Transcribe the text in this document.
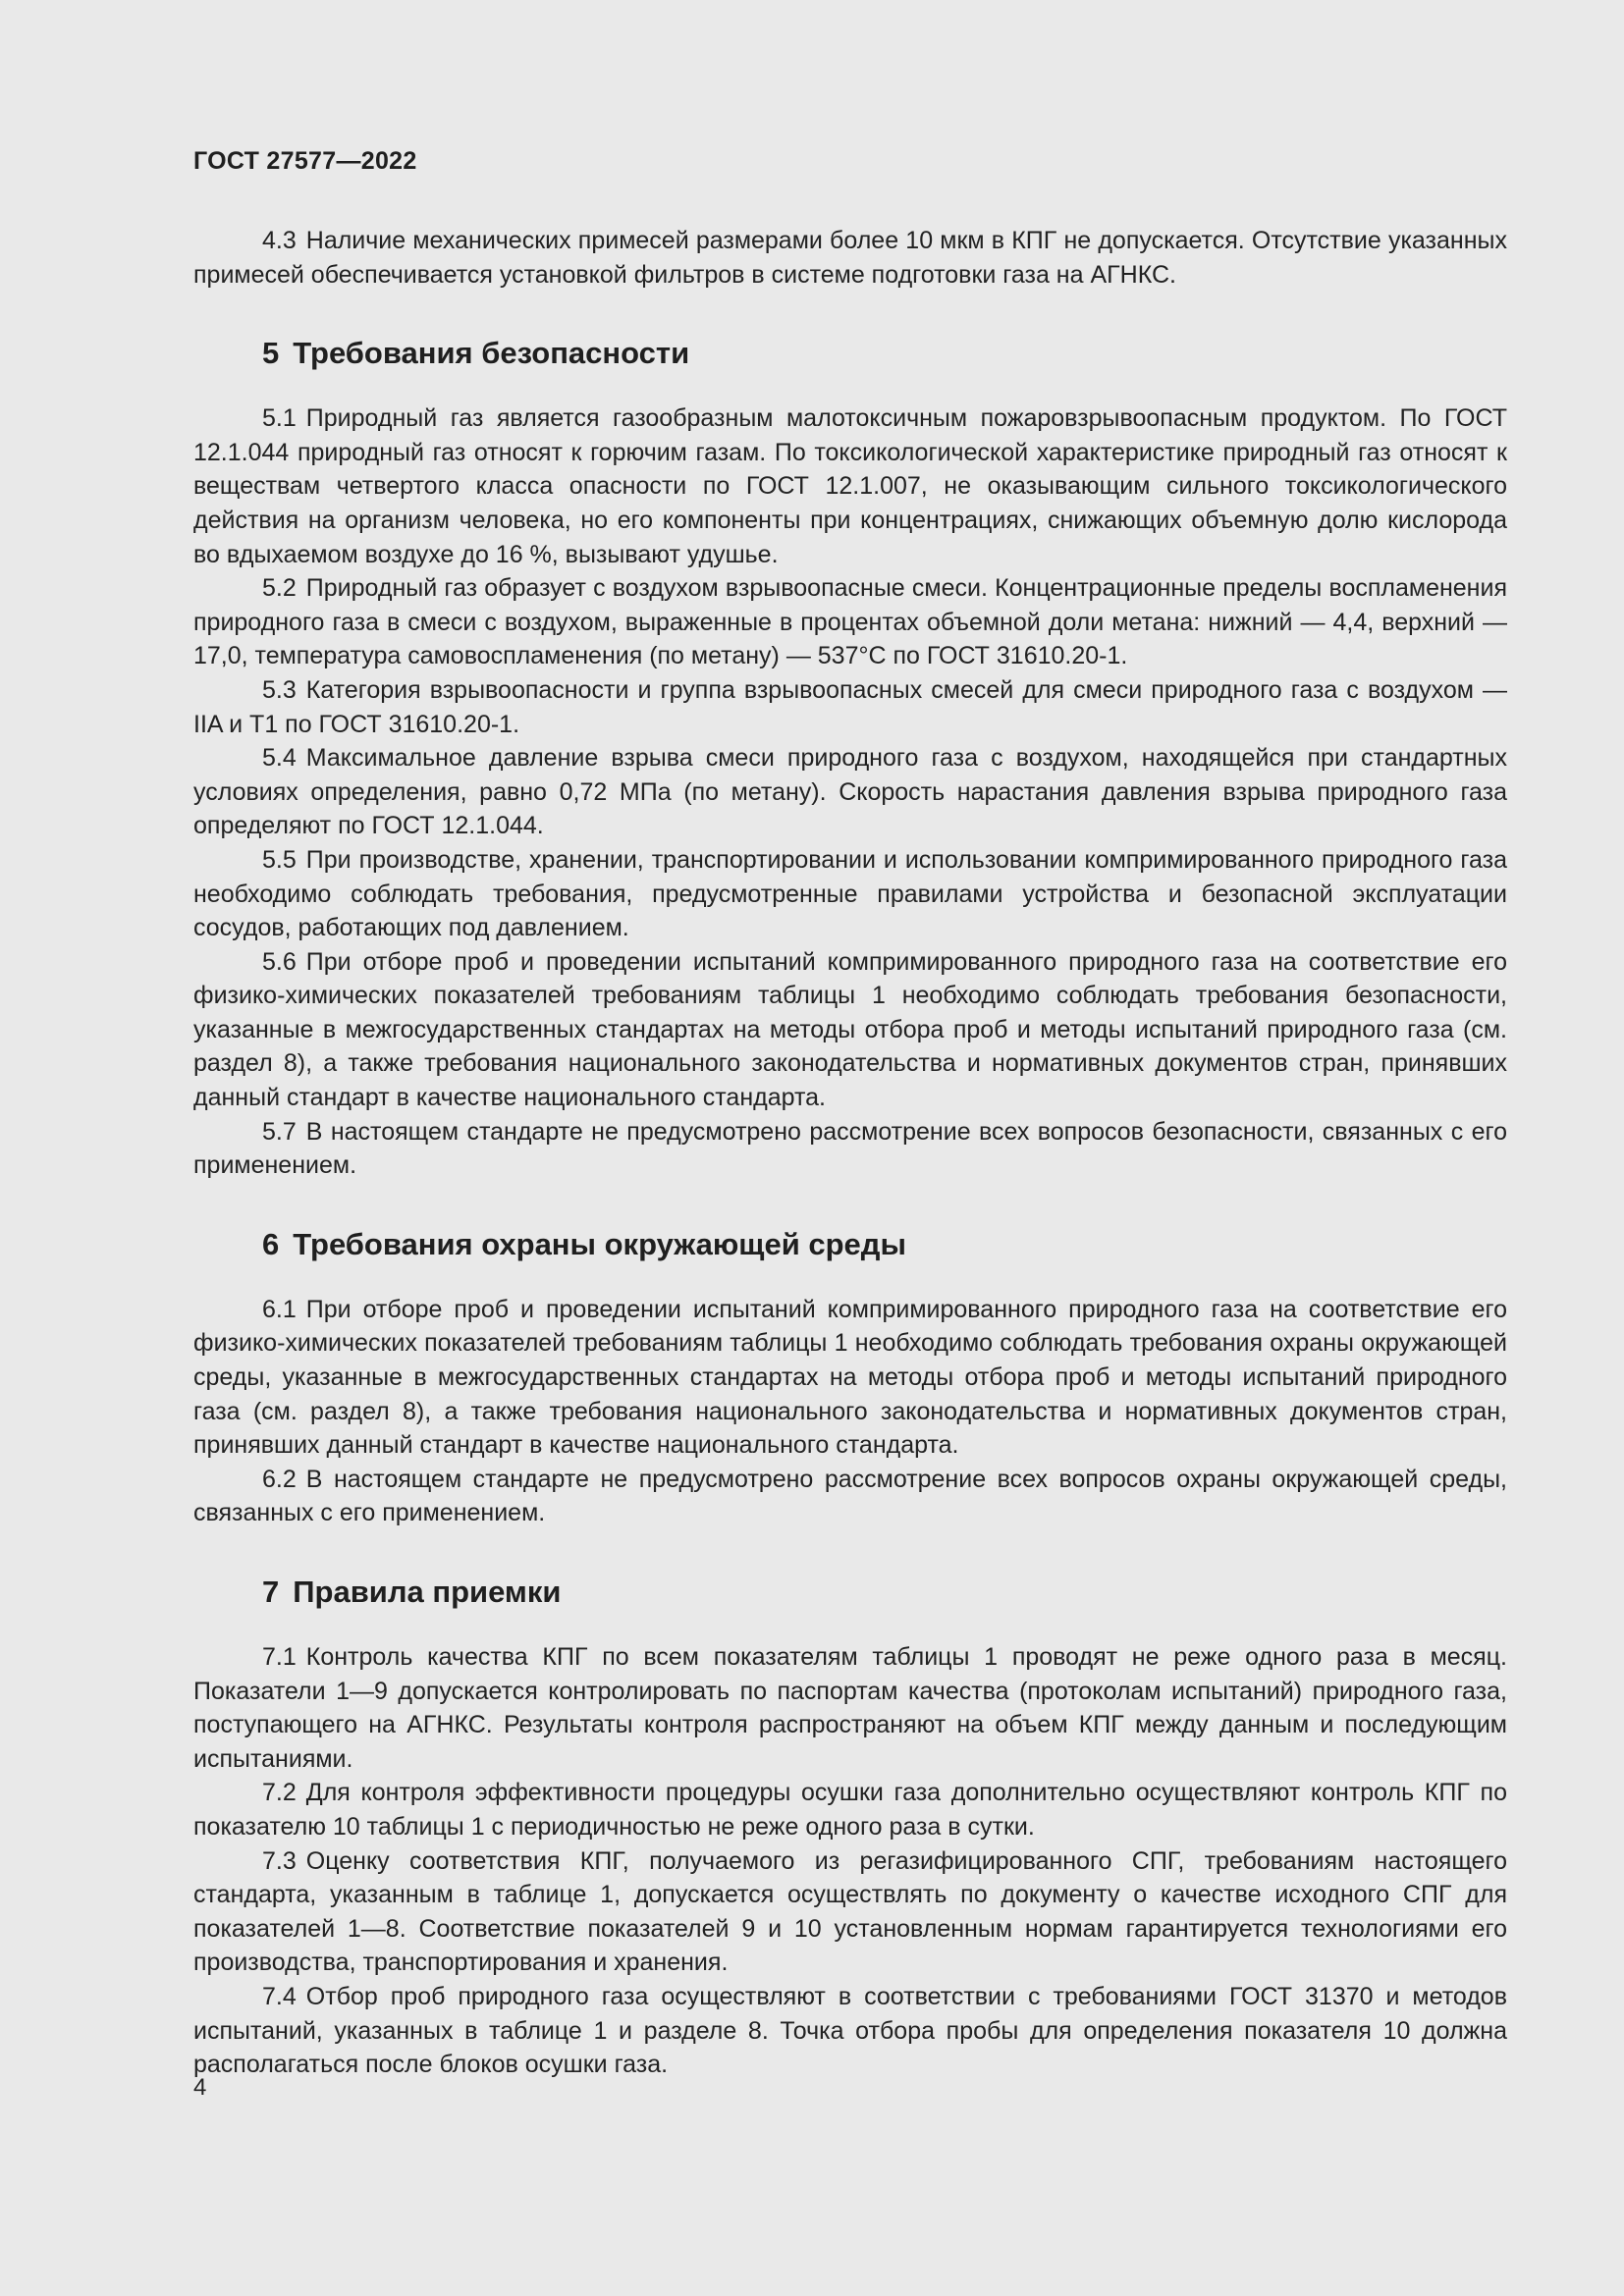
ГОСТ 27577—2022

4.3 Наличие механических примесей размерами более 10 мкм в КПГ не допускается. Отсутствие указанных примесей обеспечивается установкой фильтров в системе подготовки газа на АГНКС.

5 Требования безопасности

5.1 Природный газ является газообразным малотоксичным пожаровзрывоопасным продуктом. По ГОСТ 12.1.044 природный газ относят к горючим газам. По токсикологической характеристике природный газ относят к веществам четвертого класса опасности по ГОСТ 12.1.007, не оказывающим сильного токсикологического действия на организм человека, но его компоненты при концентрациях, снижающих объемную долю кислорода во вдыхаемом воздухе до 16 %, вызывают удушье.

5.2 Природный газ образует с воздухом взрывоопасные смеси. Концентрационные пределы воспламенения природного газа в смеси с воздухом, выраженные в процентах объемной доли метана: нижний — 4,4, верхний — 17,0, температура самовоспламенения (по метану) — 537°С по ГОСТ 31610.20-1.

5.3 Категория взрывоопасности и группа взрывоопасных смесей для смеси природного газа с воздухом — IIA и T1 по ГОСТ 31610.20-1.

5.4 Максимальное давление взрыва смеси природного газа с воздухом, находящейся при стандартных условиях определения, равно 0,72 МПа (по метану). Скорость нарастания давления взрыва природного газа определяют по ГОСТ 12.1.044.

5.5 При производстве, хранении, транспортировании и использовании компримированного природного газа необходимо соблюдать требования, предусмотренные правилами устройства и безопасной эксплуатации сосудов, работающих под давлением.

5.6 При отборе проб и проведении испытаний компримированного природного газа на соответствие его физико-химических показателей требованиям таблицы 1 необходимо соблюдать требования безопасности, указанные в межгосударственных стандартах на методы отбора проб и методы испытаний природного газа (см. раздел 8), а также требования национального законодательства и нормативных документов стран, принявших данный стандарт в качестве национального стандарта.

5.7 В настоящем стандарте не предусмотрено рассмотрение всех вопросов безопасности, связанных с его применением.

6 Требования охраны окружающей среды

6.1 При отборе проб и проведении испытаний компримированного природного газа на соответствие его физико-химических показателей требованиям таблицы 1 необходимо соблюдать требования охраны окружающей среды, указанные в межгосударственных стандартах на методы отбора проб и методы испытаний природного газа (см. раздел 8), а также требования национального законодательства и нормативных документов стран, принявших данный стандарт в качестве национального стандарта.

6.2 В настоящем стандарте не предусмотрено рассмотрение всех вопросов охраны окружающей среды, связанных с его применением.

7 Правила приемки

7.1 Контроль качества КПГ по всем показателям таблицы 1 проводят не реже одного раза в месяц. Показатели 1—9 допускается контролировать по паспортам качества (протоколам испытаний) природного газа, поступающего на АГНКС. Результаты контроля распространяют на объем КПГ между данным и последующим испытаниями.

7.2 Для контроля эффективности процедуры осушки газа дополнительно осуществляют контроль КПГ по показателю 10 таблицы 1 с периодичностью не реже одного раза в сутки.

7.3 Оценку соответствия КПГ, получаемого из регазифицированного СПГ, требованиям настоящего стандарта, указанным в таблице 1, допускается осуществлять по документу о качестве исходного СПГ для показателей 1—8. Соответствие показателей 9 и 10 установленным нормам гарантируется технологиями его производства, транспортирования и хранения.

7.4 Отбор проб природного газа осуществляют в соответствии с требованиями ГОСТ 31370 и методов испытаний, указанных в таблице 1 и разделе 8. Точка отбора пробы для определения показателя 10 должна располагаться после блоков осушки газа.

4
